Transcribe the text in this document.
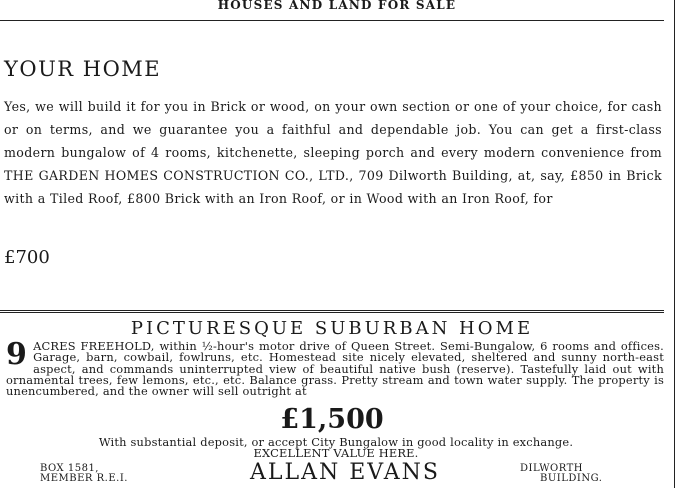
HOUSES AND LAND FOR SALE
YOUR HOME
Yes, we will build it for you in Brick or wood, on your own section or one of your choice, for cash or on terms, and we guarantee you a faithful and dependable job. You can get a first-class modern bungalow of 4 rooms, kitchenette, sleeping porch and every modern convenience from THE GARDEN HOMES CONSTRUCTION CO., LTD., 709 Dilworth Building, at, say, £850 in Brick with a Tiled Roof, £800 Brick with an Iron Roof, or in Wood with an Iron Roof, for
£700
PICTURESQUE SUBURBAN HOME
9 ACRES FREEHOLD, within ½-hour's motor drive of Queen Street. Semi-Bungalow, 6 rooms and offices. Garage, barn, cowbail, fowlruns, etc. Homestead site nicely elevated, sheltered and sunny north-east aspect, and commands uninterrupted view of beautiful native bush (reserve). Tastefully laid out with ornamental trees, few lemons, etc., etc. Balance grass. Pretty stream and town water supply. The property is unencumbered, and the owner will sell outright at
£1,500
With substantial deposit, or accept City Bungalow in good locality in exchange.
EXCELLENT VALUE HERE.
BOX 1581,
MEMBER R.E.I.	ALLAN EVANS	DILWORTH
BUILDING.
